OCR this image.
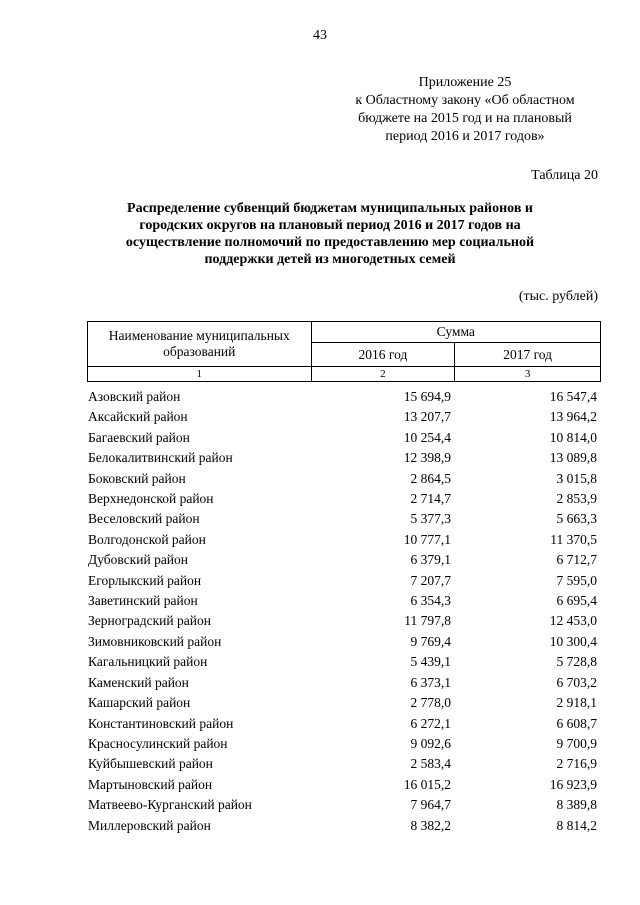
43
Приложение 25
к Областному закону «Об областном
бюджете на 2015 год и на плановый
период 2016 и 2017 годов»
Таблица 20
Распределение субвенций бюджетам муниципальных районов и городских округов на плановый период 2016 и 2017 годов на осуществление полномочий по предоставлению мер социальной поддержки детей из многодетных семей
(тыс. рублей)
Наименование муниципальных образований	Сумма	
	2016 год	2017 год
1	2	3
Азовский район	15 694,9	16 547,4
Аксайский район	13 207,7	13 964,2
Багаевский район	10 254,4	10 814,0
Белокалитвинский район	12 398,9	13 089,8
Боковский район	2 864,5	3 015,8
Верхнедонской район	2 714,7	2 853,9
Веселовский район	5 377,3	5 663,3
Волгодонской район	10 777,1	11 370,5
Дубовский район	6 379,1	6 712,7
Егорлыкский район	7 207,7	7 595,0
Заветинский район	6 354,3	6 695,4
Зерноградский район	11 797,8	12 453,0
Зимовниковский район	9 769,4	10 300,4
Кагальницкий район	5 439,1	5 728,8
Каменский район	6 373,1	6 703,2
Кашарский район	2 778,0	2 918,1
Константиновский район	6 272,1	6 608,7
Красносулинский район	9 092,6	9 700,9
Куйбышевский район	2 583,4	2 716,9
Мартыновский район	16 015,2	16 923,9
Матвеево-Курганский район	7 964,7	8 389,8
Миллеровский район	8 382,2	8 814,2
